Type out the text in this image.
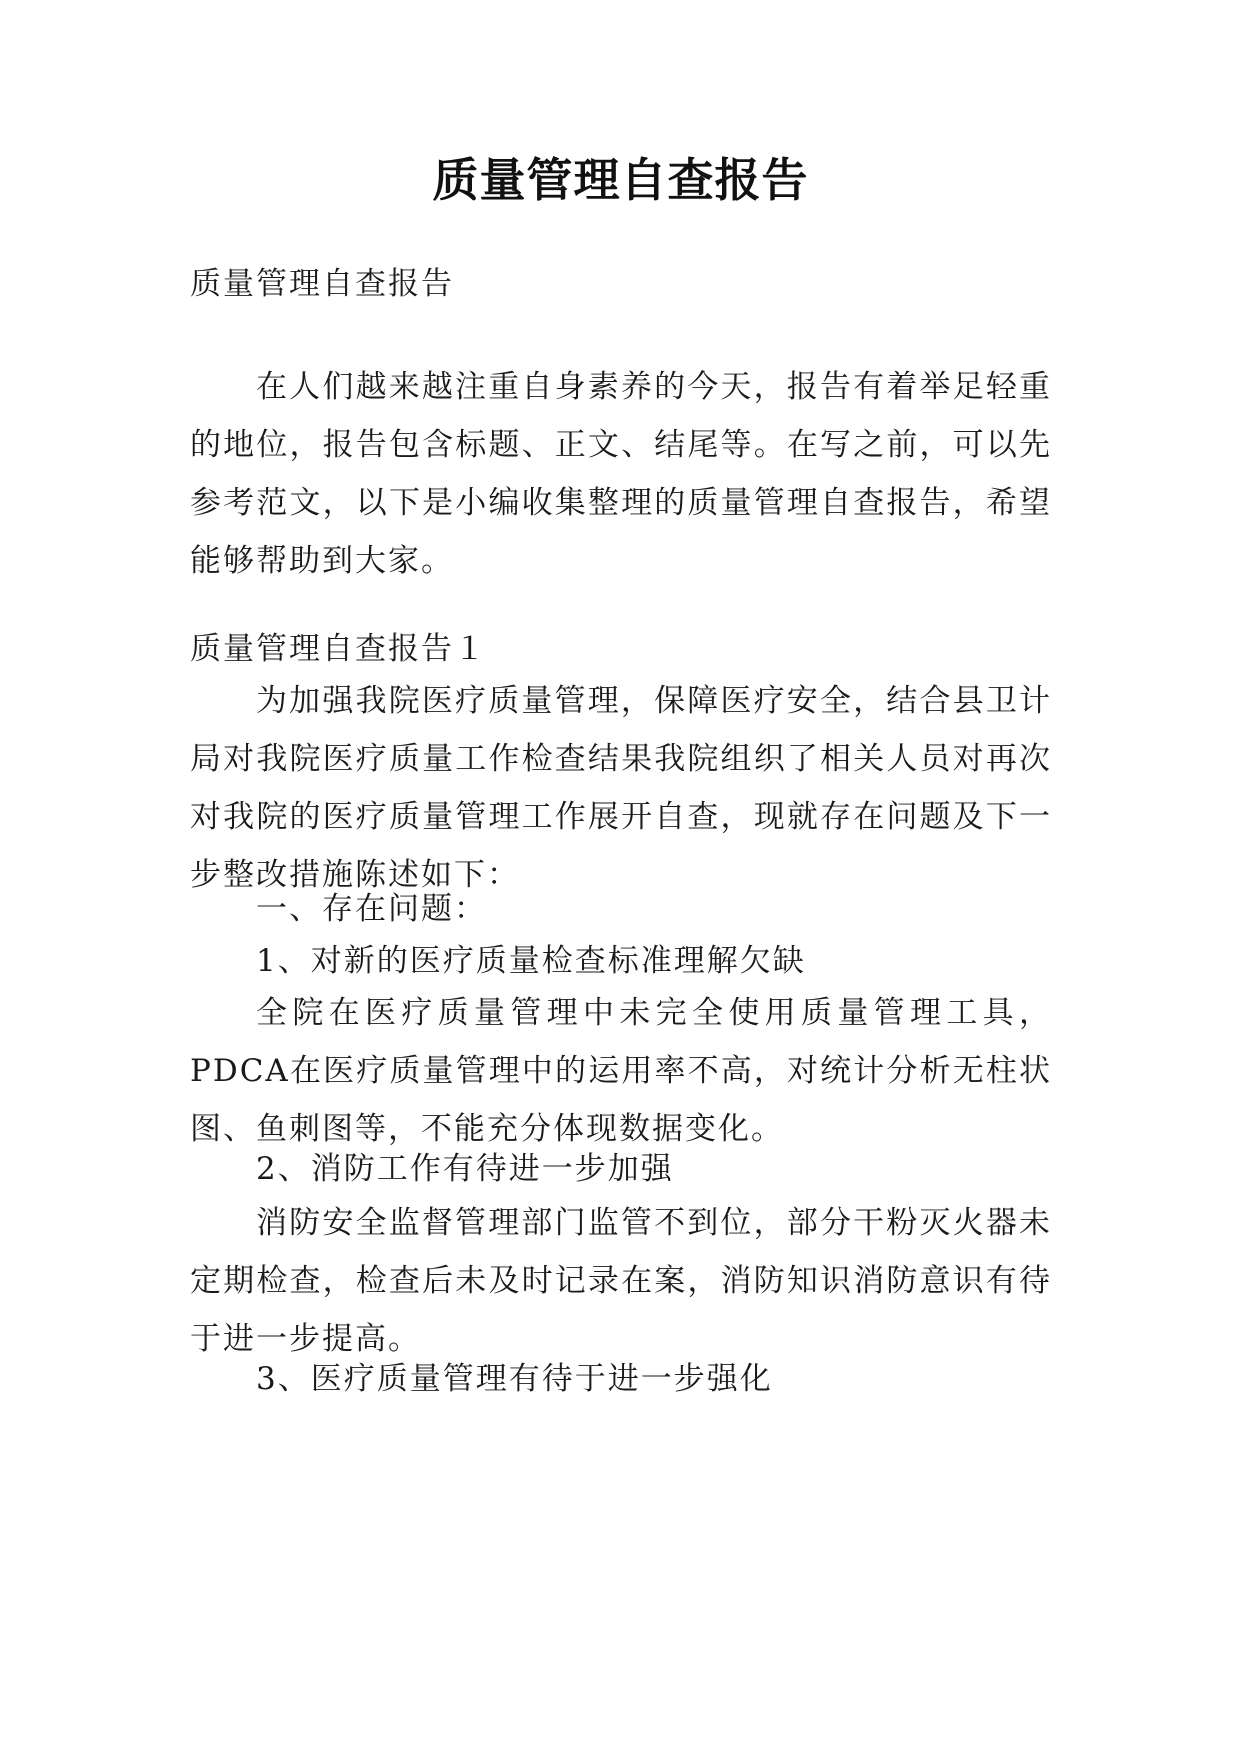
质量管理自查报告
质量管理自查报告
在人们越来越注重自身素养的今天，报告有着举足轻重的地位，报告包含标题、正文、结尾等。在写之前，可以先参考范文，以下是小编收集整理的质量管理自查报告，希望能够帮助到大家。
质量管理自查报告１
为加强我院医疗质量管理，保障医疗安全，结合县卫计局对我院医疗质量工作检查结果我院组织了相关人员对再次对我院的医疗质量管理工作展开自查，现就存在问题及下一步整改措施陈述如下：
一、存在问题：
1、对新的医疗质量检查标准理解欠缺
全院在医疗质量管理中未完全使用质量管理工具，PDCA在医疗质量管理中的运用率不高，对统计分析无柱状图、鱼刺图等，不能充分体现数据变化。
2、消防工作有待进一步加强
消防安全监督管理部门监管不到位，部分干粉灭火器未定期检查，检查后未及时记录在案，消防知识消防意识有待于进一步提高。
3、医疗质量管理有待于进一步强化
